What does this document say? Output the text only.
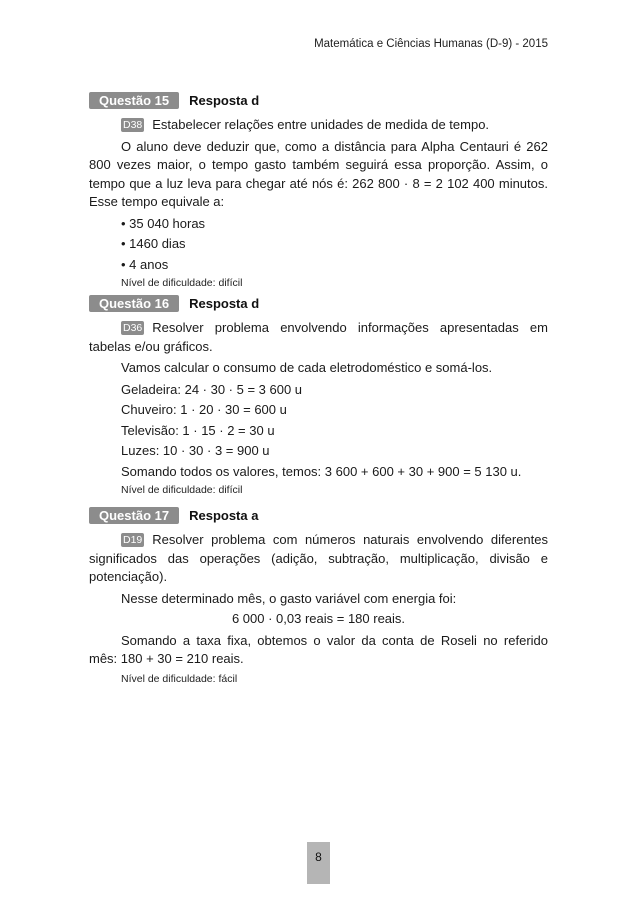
Matemática e Ciências Humanas (D-9) - 2015
Questão 15	Resposta d

D38 Estabelecer relações entre unidades de medida de tempo.

O aluno deve deduzir que, como a distância para Alpha Centauri é 262 800 vezes maior, o tempo gasto também seguirá essa proporção. Assim, o tempo que a luz leva para chegar até nós é: 262 800 · 8 = 2 102 400 minutos. Esse tempo equivale a:

• 35 040 horas
• 1460 dias
• 4 anos
Nível de dificuldade: difícil
Questão 16	Resposta d

D36 Resolver problema envolvendo informações apresentadas em tabelas e/ou gráficos.

Vamos calcular o consumo de cada eletrodoméstico e somá-los.

Geladeira: 24 · 30 · 5 = 3 600 u
Chuveiro: 1 · 20 · 30 = 600 u
Televisão: 1 · 15 · 2 = 30 u
Luzes: 10 · 30 · 3 = 900 u
Somando todos os valores, temos: 3 600 + 600 + 30 + 900 = 5 130 u.
Nível de dificuldade: difícil
Questão 17	Resposta a

D19 Resolver problema com números naturais envolvendo diferentes significados das operações (adição, subtração, multiplicação, divisão e potenciação).

Nesse determinado mês, o gasto variável com energia foi:
6 000 · 0,03 reais = 180 reais.

Somando a taxa fixa, obtemos o valor da conta de Roseli no referido mês: 180 + 30 = 210 reais.

Nível de dificuldade: fácil
8
